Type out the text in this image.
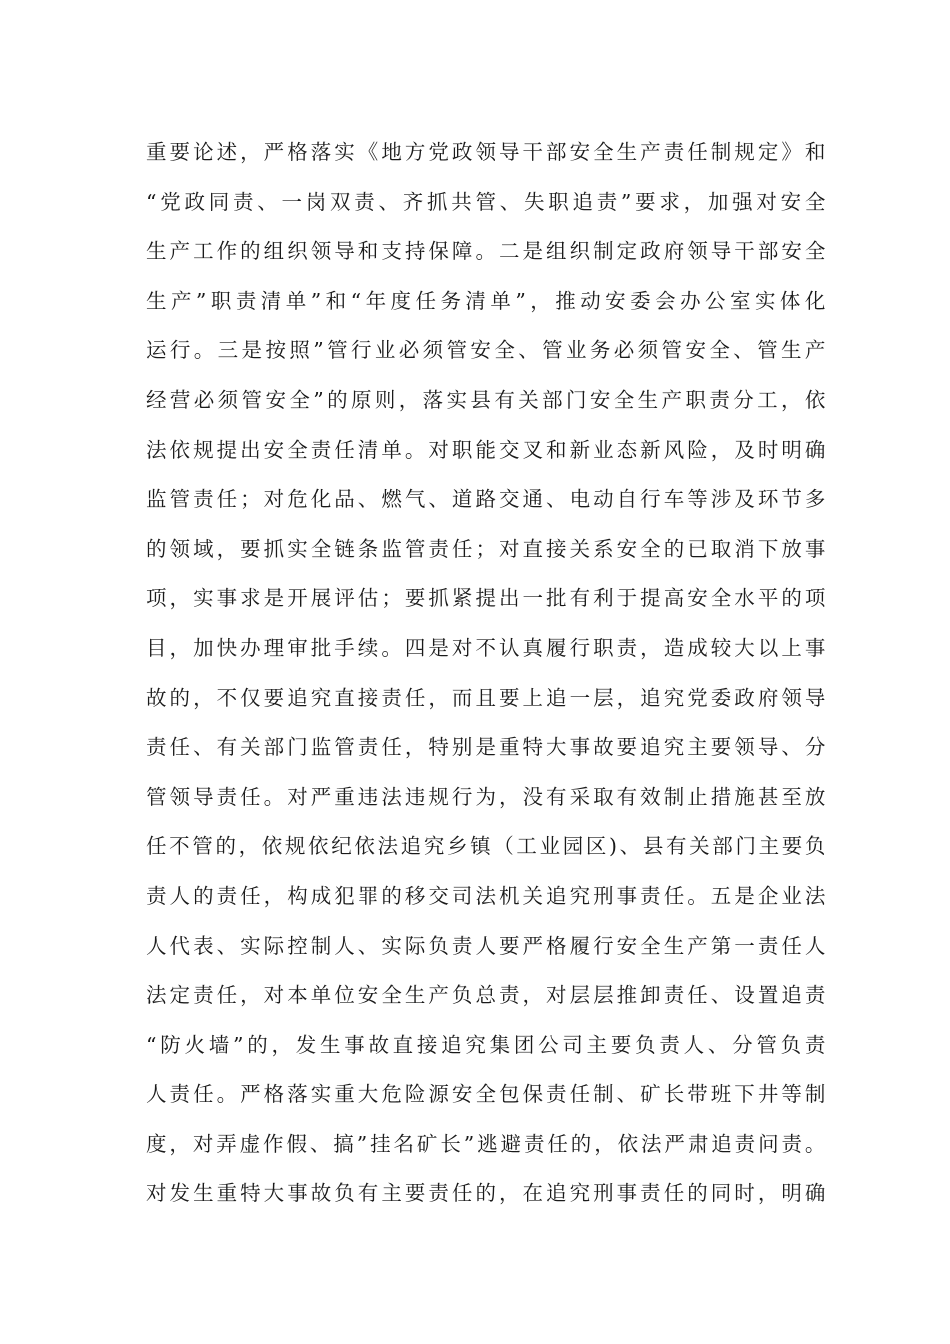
重要论述，严格落实《地方党政领导干部安全生产责任制规定》和
“党政同责、一岗双责、齐抓共管、失职追责”要求，加强对安全
生产工作的组织领导和支持保障。二是组织制定政府领导干部安全
生产”职责清单”和“年度任务清单”，推动安委会办公室实体化
运行。三是按照”管行业必须管安全、管业务必须管安全、管生产
经营必须管安全”的原则，落实县有关部门安全生产职责分工，依
法依规提出安全责任清单。对职能交叉和新业态新风险，及时明确
监管责任；对危化品、燃气、道路交通、电动自行车等涉及环节多
的领域，要抓实全链条监管责任；对直接关系安全的已取消下放事
项，实事求是开展评估；要抓紧提出一批有利于提高安全水平的项
目，加快办理审批手续。四是对不认真履行职责，造成较大以上事
故的，不仅要追究直接责任，而且要上追一层，追究党委政府领导
责任、有关部门监管责任，特别是重特大事故要追究主要领导、分
管领导责任。对严重违法违规行为，没有采取有效制止措施甚至放
任不管的，依规依纪依法追究乡镇（工业园区)、县有关部门主要负
责人的责任，构成犯罪的移交司法机关追究刑事责任。五是企业法
人代表、实际控制人、实际负责人要严格履行安全生产第一责任人
法定责任，对本单位安全生产负总责，对层层推卸责任、设置追责
“防火墙”的，发生事故直接追究集团公司主要负责人、分管负责
人责任。严格落实重大危险源安全包保责任制、矿长带班下井等制
度，对弄虚作假、搞”挂名矿长”逃避责任的，依法严肃追责问责。
对发生重特大事故负有主要责任的，在追究刑事责任的同时，明确
